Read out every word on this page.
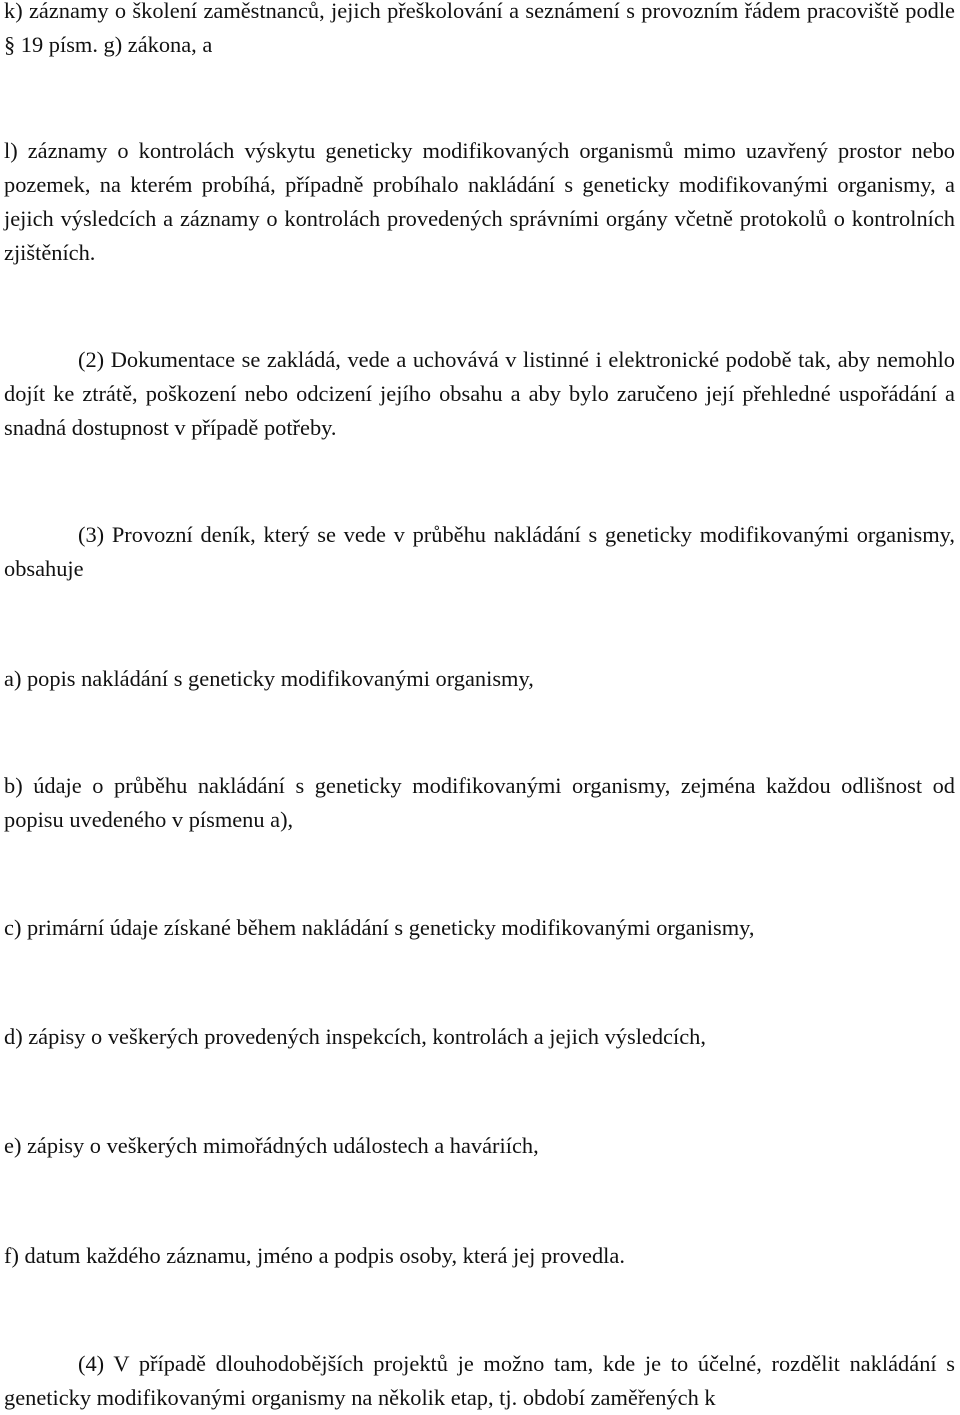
k) záznamy o školení zaměstnanců, jejich přeškolování a seznámení s provozním řádem pracoviště podle § 19 písm. g) zákona, a

l) záznamy o kontrolách výskytu geneticky modifikovaných organismů mimo uzavřený prostor nebo pozemek, na kterém probíhá, případně probíhalo nakládání s geneticky modifikovanými organismy, a jejich výsledcích a záznamy o kontrolách provedených správními orgány včetně protokolů o kontrolních zjištěních.

(2) Dokumentace se zakládá, vede a uchovává v listinné i elektronické podobě tak, aby nemohlo dojít ke ztrátě, poškození nebo odcizení jejího obsahu a aby bylo zaručeno její přehledné uspořádání a snadná dostupnost v případě potřeby.

(3) Provozní deník, který se vede v průběhu nakládání s geneticky modifikovanými organismy, obsahuje

a) popis nakládání s geneticky modifikovanými organismy,

b) údaje o průběhu nakládání s geneticky modifikovanými organismy, zejména každou odlišnost od popisu uvedeného v písmenu a),

c) primární údaje získané během nakládání s geneticky modifikovanými organismy,

d) zápisy o veškerých provedených inspekcích, kontrolách a jejich výsledcích,

e) zápisy o veškerých mimořádných událostech a haváriích,

f) datum každého záznamu, jméno a podpis osoby, která jej provedla.

(4) V případě dlouhodobějších projektů je možno tam, kde je to účelné, rozdělit nakládání s geneticky modifikovanými organismy na několik etap, tj. období zaměřených k
